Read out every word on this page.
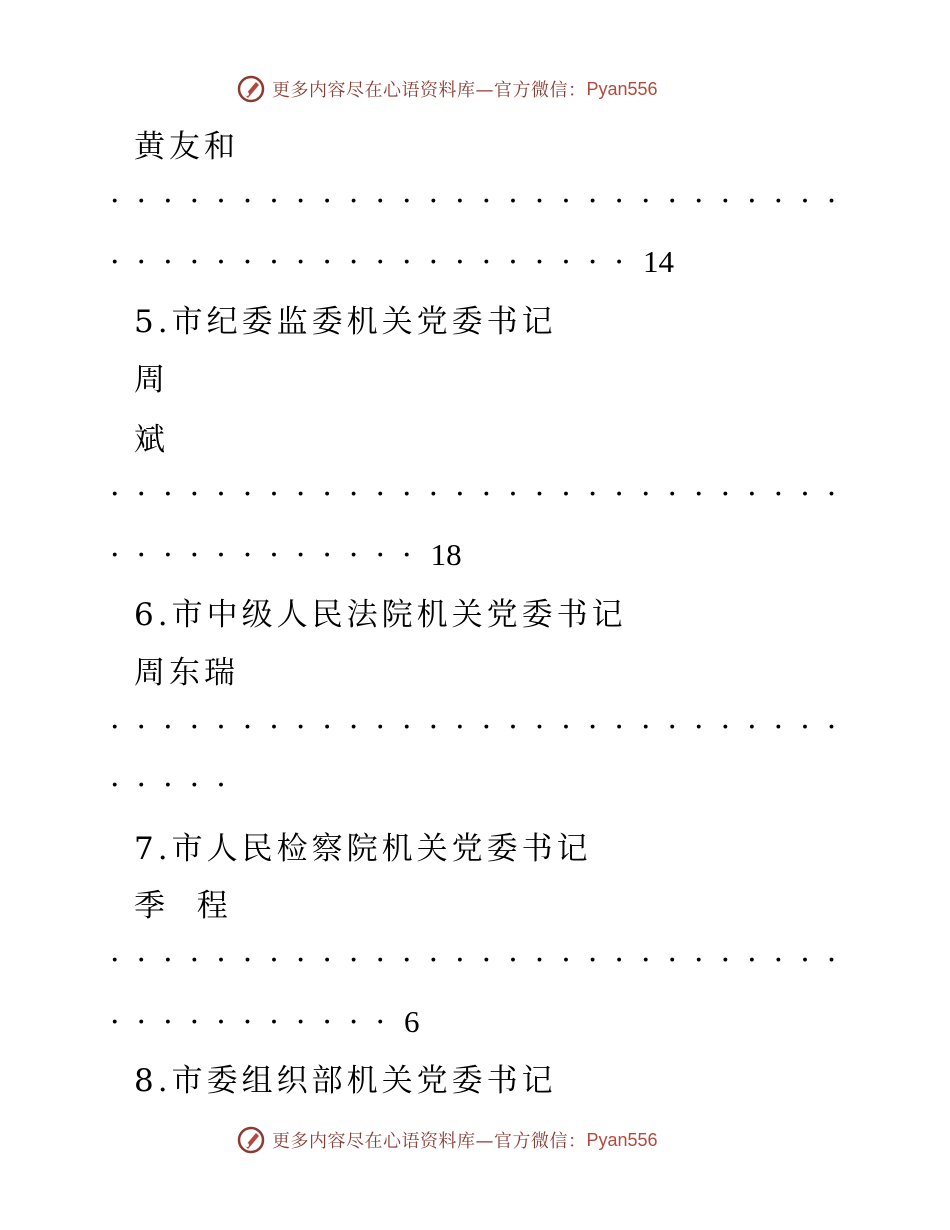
更多内容尽在心语资料库—官方微信： Pyan556
黄友和
· · · · · · · · · · · · · · · · · · · · · · · · · · · ·
· · · · · · · · · · · · · · · · · · · · 14
5.市纪委监委机关党委书记
周
斌
· · · · · · · · · · · · · · · · · · · · · · · · · · · ·
· · · · · · · · · · · · 18
6.市中级人民法院机关党委书记
周东瑞
· · · · · · · · · · · · · · · · · · · · · · · · · · · ·
· · · · ·
7.市人民检察院机关党委书记
季  程
· · · · · · · · · · · · · · · · · · · · · · · · · · · ·
· · · · · · · · · · · 6
8.市委组织部机关党委书记
更多内容尽在心语资料库—官方微信： Pyan556
